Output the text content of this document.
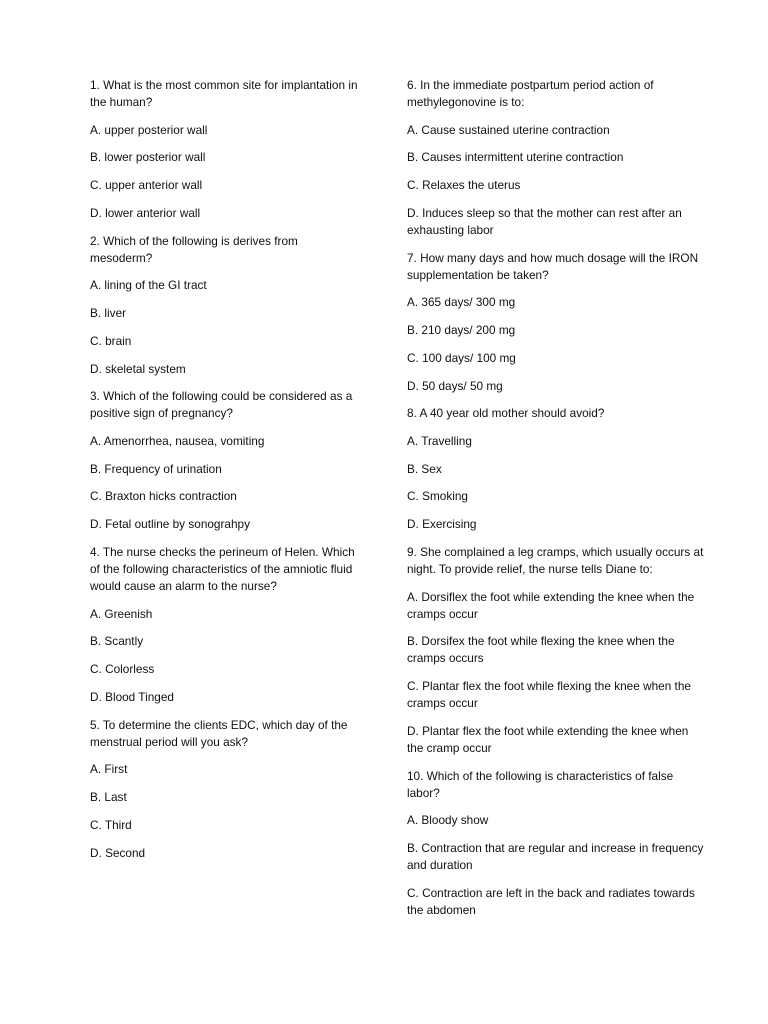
1. What is the most common site for implantation in the human?

A. upper posterior wall

B. lower posterior wall

C. upper anterior wall

D. lower anterior wall

2. Which of the following is derives from mesoderm?

A. lining of the GI tract

B. liver

C. brain

D. skeletal system

3. Which of the following could be considered as a positive sign of pregnancy?

A. Amenorrhea, nausea, vomiting

B. Frequency of urination

C. Braxton hicks contraction

D. Fetal outline by sonograhpy

4. The nurse checks the perineum of Helen. Which of the following characteristics of the amniotic fluid would cause an alarm to the nurse?

A. Greenish

B. Scantly

C. Colorless

D. Blood Tinged

5. To determine the clients EDC, which day of the menstrual period will you ask?

A. First

B. Last

C. Third

D. Second

6. In the immediate postpartum period action of methylegonovine is to:

A. Cause sustained uterine contraction

B. Causes intermittent uterine contraction

C. Relaxes the uterus

D. Induces sleep so that the mother can rest after an exhausting labor

7. How many days and how much dosage will the IRON supplementation be taken?

A. 365 days/ 300 mg

B. 210 days/ 200 mg

C. 100 days/ 100 mg

D. 50 days/ 50 mg

8. A 40 year old mother should avoid?

A. Travelling

B. Sex

C. Smoking

D. Exercising

9. She complained a leg cramps, which usually occurs at night. To provide relief, the nurse tells Diane to:

A. Dorsiflex the foot while extending the knee when the cramps occur

B. Dorsifex the foot while flexing the knee when the cramps occurs

C. Plantar flex the foot while flexing the knee when the cramps occur

D. Plantar flex the foot while extending the knee when the cramp occur

10. Which of the following is characteristics of false labor?

A. Bloody show

B. Contraction that are regular and increase in frequency and duration

C. Contraction are left in the back and radiates towards the abdomen
